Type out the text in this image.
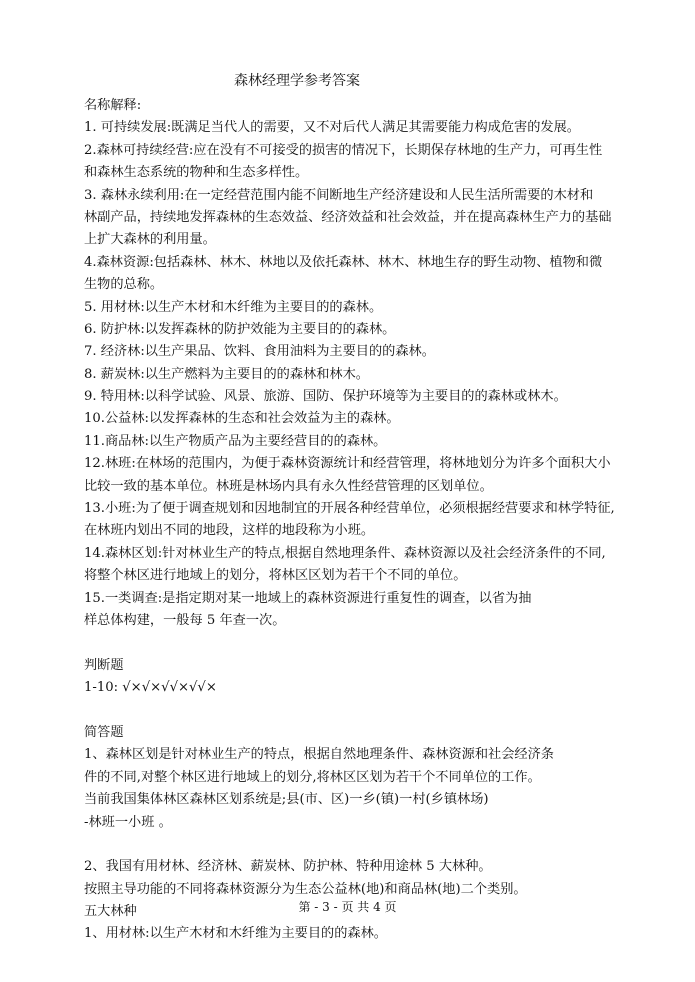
森林经理学参考答案
名称解释:
1. 可持续发展:既满足当代人的需要，又不对后代人满足其需要能力构成危害的发展。
2.森林可持续经营:应在没有不可接受的损害的情况下，长期保存林地的生产力，可再生性
和森林生态系统的物种和生态多样性。
3. 森林永续利用:在一定经营范围内能不间断地生产经济建设和人民生活所需要的木材和
林副产品，持续地发挥森林的生态效益、经济效益和社会效益，并在提高森林生产力的基础
上扩大森林的利用量。
4.森林资源:包括森林、林木、林地以及依托森林、林木、林地生存的野生动物、植物和微
生物的总称。
5. 用材林:以生产木材和木纤维为主要目的的森林。
6. 防护林:以发挥森林的防护效能为主要目的的森林。
7. 经济林:以生产果品、饮料、食用油料为主要目的的森林。
8. 薪炭林:以生产燃料为主要目的的森林和林木。
9. 特用林:以科学试验、风景、旅游、国防、保护环境等为主要目的的森林或林木。
10.公益林:以发挥森林的生态和社会效益为主的森林。
11.商品林:以生产物质产品为主要经营目的的森林。
12.林班:在林场的范围内，为便于森林资源统计和经营管理，将林地划分为许多个面积大小
比较一致的基本单位。林班是林场内具有永久性经营管理的区划单位。
13.小班:为了便于调查规划和因地制宜的开展各种经营单位，必须根据经营要求和林学特征,
在林班内划出不同的地段，这样的地段称为小班。
14.森林区划:针对林业生产的特点,根据自然地理条件、森林资源以及社会经济条件的不同,
将整个林区进行地域上的划分，将林区区划为若干个不同的单位。
15.一类调查:是指定期对某一地域上的森林资源进行重复性的调查，以省为抽
样总体构建，一般每 5 年查一次。
判断题
1-10: √×√×√√×√√×
简答题
1、森林区划是针对林业生产的特点，根据自然地理条件、森林资源和社会经济条
件的不同,对整个林区进行地域上的划分,将林区区划为若干个不同单位的工作。
当前我国集体林区森林区划系统是;县(市、区)一乡(镇)一村(乡镇林场)
-林班一小班 。
2、我国有用材林、经济林、薪炭林、防护林、特种用途林 5 大林种。
按照主导功能的不同将森林资源分为生态公益林(地)和商品林(地)二个类别。
五大林种
1、用材林:以生产木材和木纤维为主要目的的森林。
第 - 3 - 页 共 4 页
